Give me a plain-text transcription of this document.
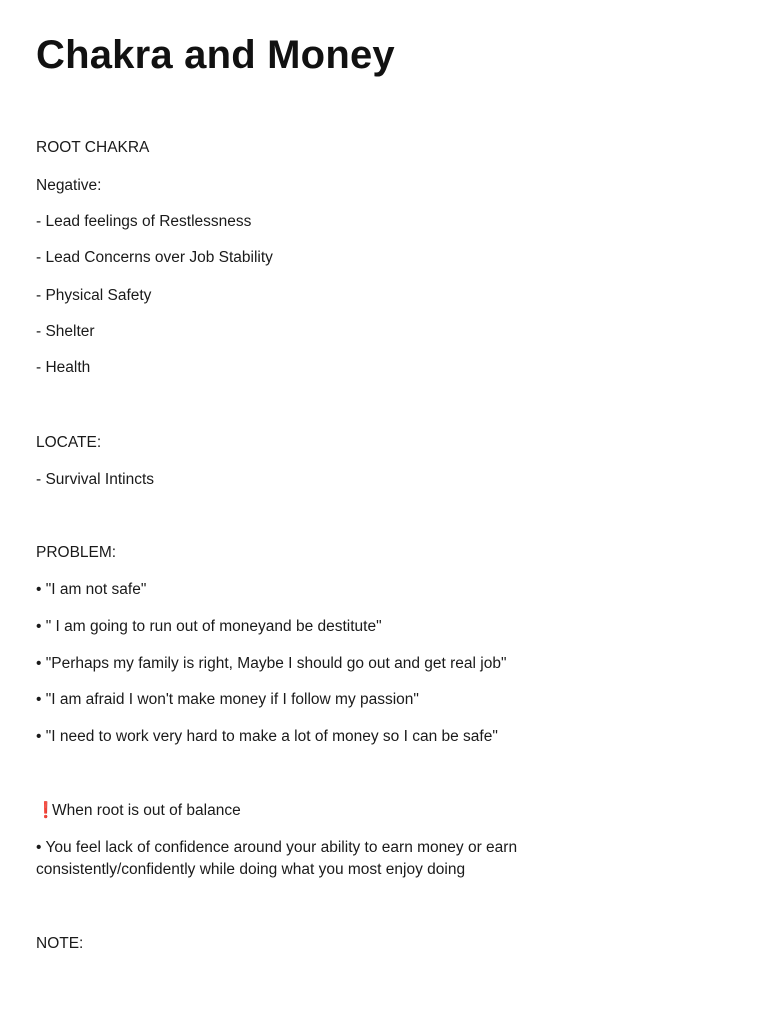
Chakra and Money
ROOT CHAKRA
Negative:
- Lead feelings of Restlessness
- Lead Concerns over Job Stability
- Physical Safety
- Shelter
- Health
LOCATE:
- Survival Intincts
PROBLEM:
• "I am not safe"
• " I am going to run out of moneyand be destitute"
• "Perhaps my family is right, Maybe I should go out and get real job"
• "I am afraid I won't make money if I follow my passion"
• "I need to work very hard to make a lot of money so I can be safe"
❗When root is out of balance
• You feel lack of confidence around your ability to earn money or earn consistently/confidently while doing what you most enjoy doing
NOTE:
